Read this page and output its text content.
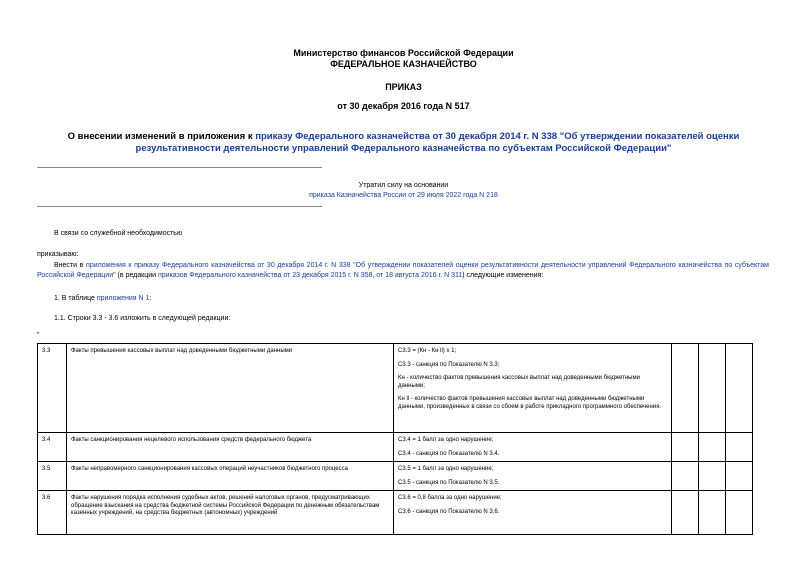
Министерство финансов Российской Федерации
ФЕДЕРАЛЬНОЕ КАЗНАЧЕЙСТВО
ПРИКАЗ
от 30 декабря 2016 года N 517
О внесении изменений в приложения к приказу Федерального казначейства от 30 декабря 2014 г. N 338 "Об утверждении показателей оценки результативности деятельности управлений Федерального казначейства по субъектам Российской Федерации"
Утратил силу на основании
приказа Казначейства России от 29 июля 2022 года N 218
В связи со служебной необходимостью
приказываю:
Внести в приложения к приказу Федерального казначейства от 30 декабря 2014 г. N 338 "Об утверждении показателей оценки результативности деятельности управлений Федерального казначейства по субъектам Российской Федерации" (в редакции приказов Федерального казначейства от 23 декабря 2015 г. N 358, от 18 августа 2016 г. N 311) следующие изменения:
1. В таблице приложения N 1:
1.1. Строки 3.3 - 3.6 изложить в следующей редакции:
"
3.3	Факты превышения кассовых выплат над доведенными бюджетными данными	С3.3 = (Кн - Кн ll) х 1;

С3.3 - санкция по Показателю N 3.3;

Кн - количество фактов превышения кассовых выплат над доведенными бюджетными данными;

Кн ll - количество фактов превышения кассовых выплат над доведенными бюджетными данными, произведенных в связи со сбоем в работе прикладного программного обеспечения.			

3.4	Факты санкционирования нецелевого использования средств федерального бюджета	С3.4 = 1 балл за одно нарушение;

С3.4 - санкция по Показателю N 3.4.			

3.5	Факты неправомерного санкционирования кассовых операций неучастников бюджетного процесса	С3.5 = 1 балл за одно нарушение;

С3.5 - санкция по Показателю N 3.5.			

3.6	Факты нарушения порядка исполнения судебных актов, решений налоговых органов, предусматривающих обращение взыскания на средства бюджетной системы Российской Федерации по денежным обязательствам казенных учреждений, на средства бюджетных (автономных) учреждений	С3.6 = 0,8 балла за одно нарушение;

С3.6 - санкция по Показателю N 3.6.			
